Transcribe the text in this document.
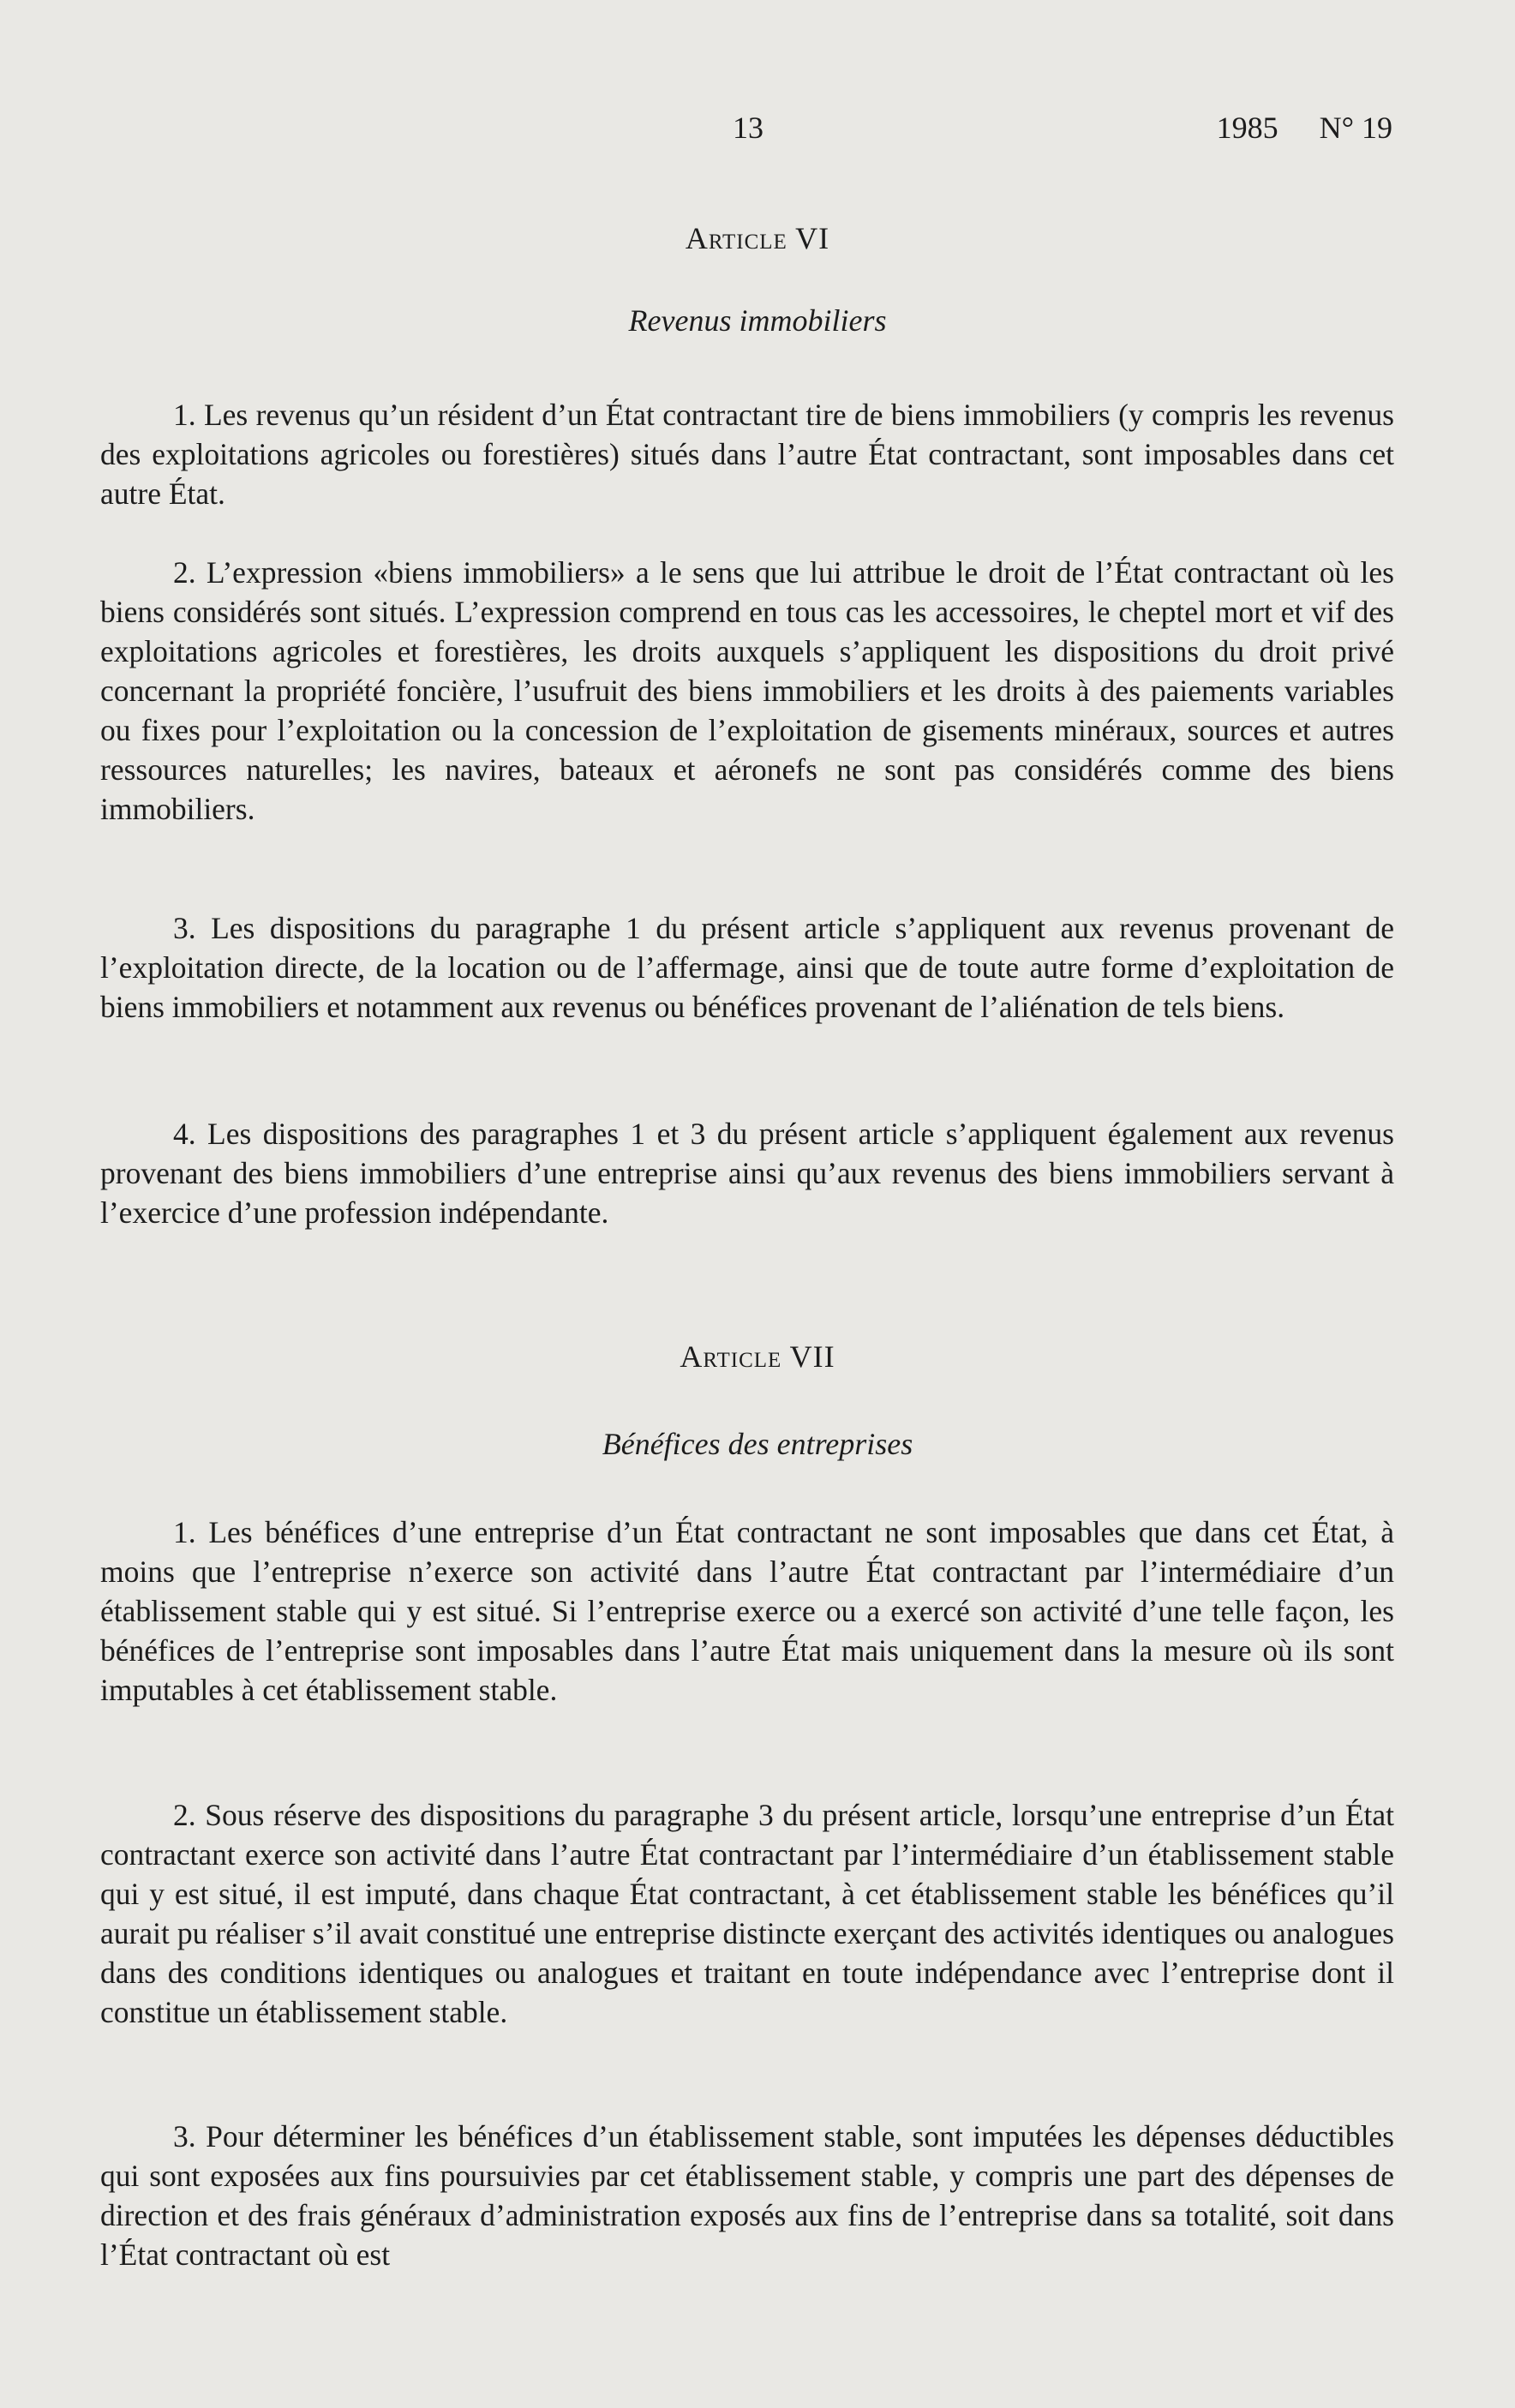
13	1985 N° 19
Article VI
Revenus immobiliers

1. Les revenus qu’un résident d’un État contractant tire de biens immobiliers (y compris les revenus des exploitations agricoles ou forestières) situés dans l’autre État contractant, sont imposables dans cet autre État.

2. L’expression «biens immobiliers» a le sens que lui attribue le droit de l’État contractant où les biens considérés sont situés. L’expression comprend en tous cas les accessoires, le cheptel mort et vif des exploitations agricoles et forestières, les droits auxquels s’appliquent les dispositions du droit privé concernant la propriété foncière, l’usufruit des biens immobiliers et les droits à des paiements variables ou fixes pour l’exploitation ou la concession de l’exploitation de gisements minéraux, sources et autres ressources naturelles; les navires, bateaux et aéronefs ne sont pas considérés comme des biens immobiliers.

3. Les dispositions du paragraphe 1 du présent article s’appliquent aux revenus provenant de l’exploitation directe, de la location ou de l’affermage, ainsi que de toute autre forme d’exploitation de biens immobiliers et notamment aux revenus ou bénéfices provenant de l’aliénation de tels biens.

4. Les dispositions des paragraphes 1 et 3 du présent article s’appliquent également aux revenus provenant des biens immobiliers d’une entreprise ainsi qu’aux revenus des biens immobiliers servant à l’exercice d’une profession indépendante.

Article VII
Bénéfices des entreprises

1. Les bénéfices d’une entreprise d’un État contractant ne sont imposables que dans cet État, à moins que l’entreprise n’exerce son activité dans l’autre État contractant par l’intermédiaire d’un établissement stable qui y est situé. Si l’entreprise exerce ou a exercé son activité d’une telle façon, les bénéfices de l’entreprise sont imposables dans l’autre État mais uniquement dans la mesure où ils sont imputables à cet établissement stable.

2. Sous réserve des dispositions du paragraphe 3 du présent article, lorsqu’une entreprise d’un État contractant exerce son activité dans l’autre État contractant par l’intermédiaire d’un établissement stable qui y est situé, il est imputé, dans chaque État contractant, à cet établissement stable les bénéfices qu’il aurait pu réaliser s’il avait constitué une entreprise distincte exerçant des activités identiques ou analogues dans des conditions identiques ou analogues et traitant en toute indépendance avec l’entreprise dont il constitue un établissement stable.

3. Pour déterminer les bénéfices d’un établissement stable, sont imputées les dépenses déductibles qui sont exposées aux fins poursuivies par cet établissement stable, y compris une part des dépenses de direction et des frais généraux d’administration exposés aux fins de l’entreprise dans sa totalité, soit dans l’État contractant où est
